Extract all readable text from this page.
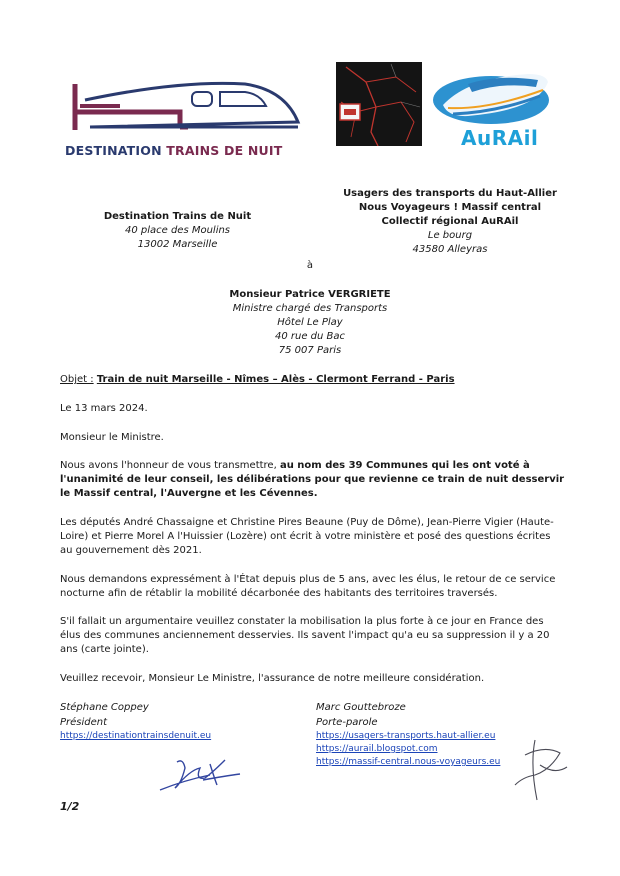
DESTINATION TRAINS DE NUIT
AuRAil
Destination Trains de Nuit
40 place des Moulins
13002 Marseille
Usagers des transports du Haut-Allier
Nous Voyageurs ! Massif central
Collectif régional AuRAil
Le bourg
43580 Alleyras
à
Monsieur Patrice VERGRIETE
Ministre chargé des Transports
Hôtel Le Play
40 rue du Bac
75 007 Paris
Objet : Train de nuit Marseille - Nîmes – Alès - Clermont Ferrand - Paris
Le 13 mars 2024.
Monsieur le Ministre.
Nous avons l'honneur de vous transmettre, au nom des 39 Communes qui les ont voté à l'unanimité de leur conseil, les délibérations pour que revienne ce train de nuit desservir le Massif central, l'Auvergne et les Cévennes.
Les députés André Chassaigne et Christine Pires Beaune (Puy de Dôme), Jean-Pierre Vigier (Haute-Loire) et Pierre Morel A l'Huissier (Lozère) ont écrit à votre ministère et posé des questions écrites au gouvernement dès 2021.
Nous demandons expressément à l'État depuis plus de 5 ans, avec les élus, le retour de ce service nocturne afin de rétablir la mobilité décarbonée des habitants des territoires traversés.
S'il fallait un argumentaire veuillez constater la mobilisation la plus forte à ce jour en France des élus des communes anciennement desservies. Ils savent l'impact qu'a eu sa suppression il y a 20 ans (carte jointe).
Veuillez recevoir, Monsieur Le Ministre, l'assurance de notre meilleure considération.
Stéphane Coppey
Président
https://destinationtrainsdenuit.eu
Marc Gouttebroze
Porte-parole
https://usagers-transports.haut-allier.eu
https://aurail.blogspot.com
https://massif-central.nous-voyageurs.eu
1/2
